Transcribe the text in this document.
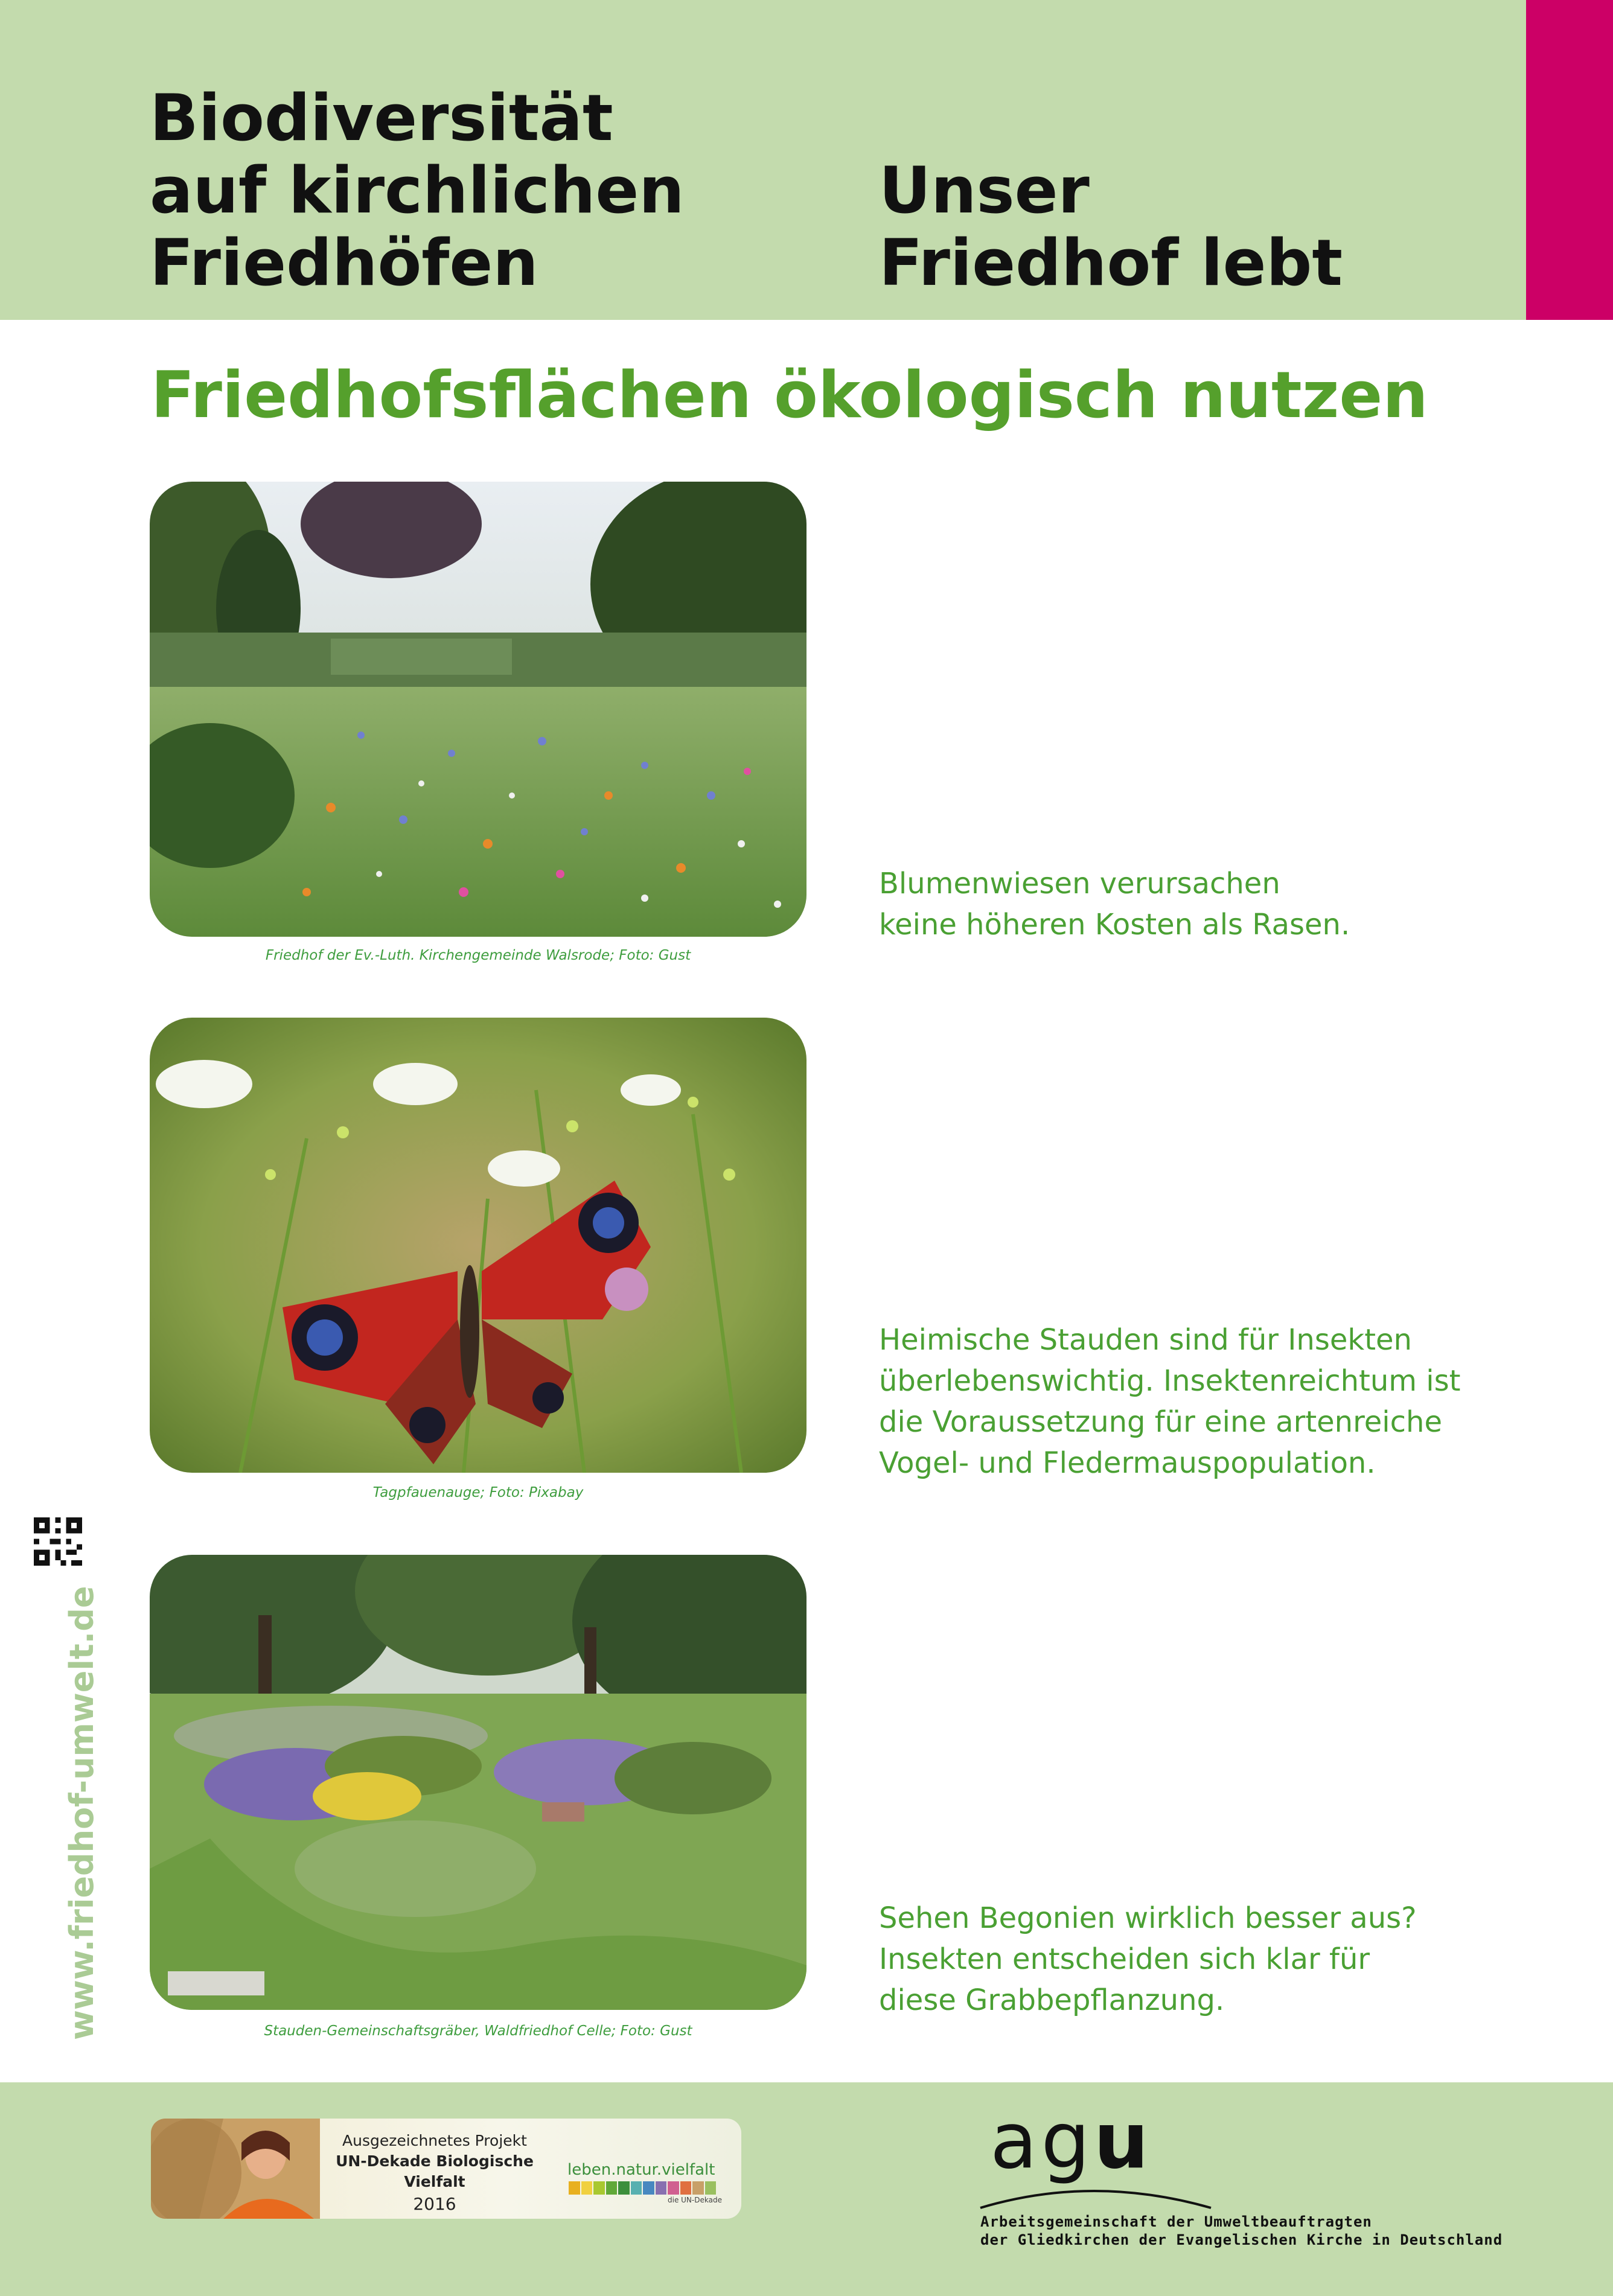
Biodiversität
auf kirchlichen
Friedhöfen
Unser
Friedhof lebt
Friedhofsflächen ökologisch nutzen
Friedhof der Ev.-Luth. Kirchengemeinde Walsrode; Foto: Gust
Blumenwiesen verursachen
keine höheren Kosten als Rasen.
Tagpfauenauge; Foto: Pixabay
Heimische Stauden sind für Insekten
überlebenswichtig. Insektenreichtum ist
die Voraussetzung für eine artenreiche
Vogel- und Fledermauspopulation.
Stauden-Gemeinschaftsgräber, Waldfriedhof Celle; Foto: Gust
Sehen Begonien wirklich besser aus?
Insekten entscheiden sich klar für
diese Grabbepflanzung.
www.friedhof-umwelt.de
Ausgezeichnetes Projekt
UN-Dekade Biologische Vielfalt
2016
leben.natur.vielfalt
die UN-Dekade
agu
Arbeitsgemeinschaft der Umweltbeauftragten
der Gliedkirchen der Evangelischen Kirche in Deutschland
